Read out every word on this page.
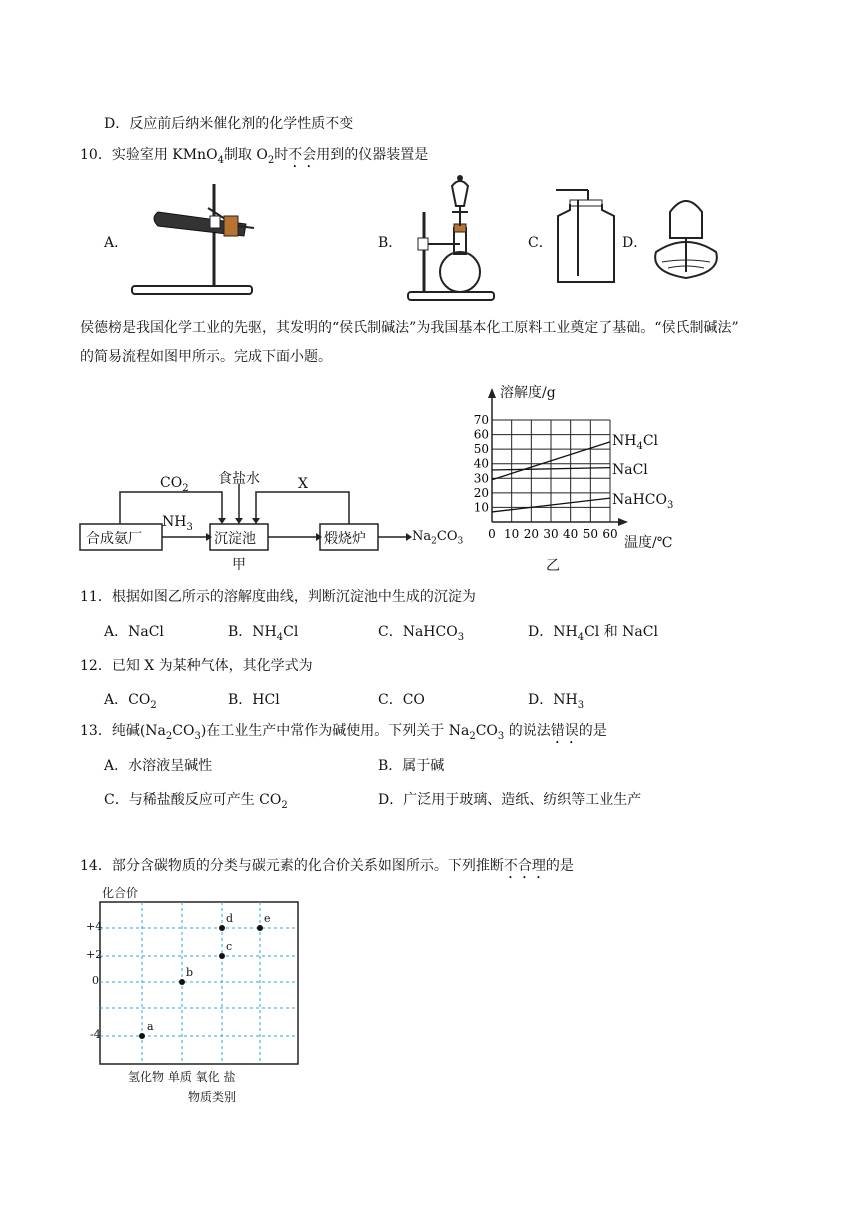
D．反应前后纳米催化剂的化学性质不变
10．实验室用 KMnO$_4$制取 $O_2$时不会用到的仪器装置是
A．	B．	C．	D．
侯德榜是我国化学工业的先驱，其发明的“侯氏制碱法”为我国基本化工原料工业奠定了基础。“侯氏制碱法”
的简易流程如图甲所示。完成下面小题。
合成氨厂	沉淀池	煅烧炉
$CO_2$
$NH_3$
食盐水	X
$Na_2CO_3$
甲
10
20
30
40
50
60
70
0 10 20 30 40 50 60
溶解度/g
温度/℃
乙
$NH_4Cl$
NaCl
NaHCO$_3$
11．根据如图乙所示的溶解度曲线，判断沉淀池中生成的沉淀为
A．NaCl	B．$NH_4Cl$	C．NaHCO$_3$	D．$NH_4Cl$ 和 NaCl
12．已知 X 为某种气体，其化学式为
A．$CO_2$	B．HCl	C．CO	D．$NH_3$
13．纯碱$(Na_2CO_3)$在工业生产中常作为碱使用。下列关于 $Na_2CO_3$ 的说法错误的是
A．水溶液呈碱性	B．属于碱
C．与稀盐酸反应可产生 $CO_2$	D．广泛用于玻璃、造纸、纺织等工业生产
14．部分含碳物质的分类与碳元素的化合价关系如图所示。下列推断不合理的是
化合价
+4
+2
0
-4
a
b
c
d	e
氢化物 单质 氧化 盐
物质类别
